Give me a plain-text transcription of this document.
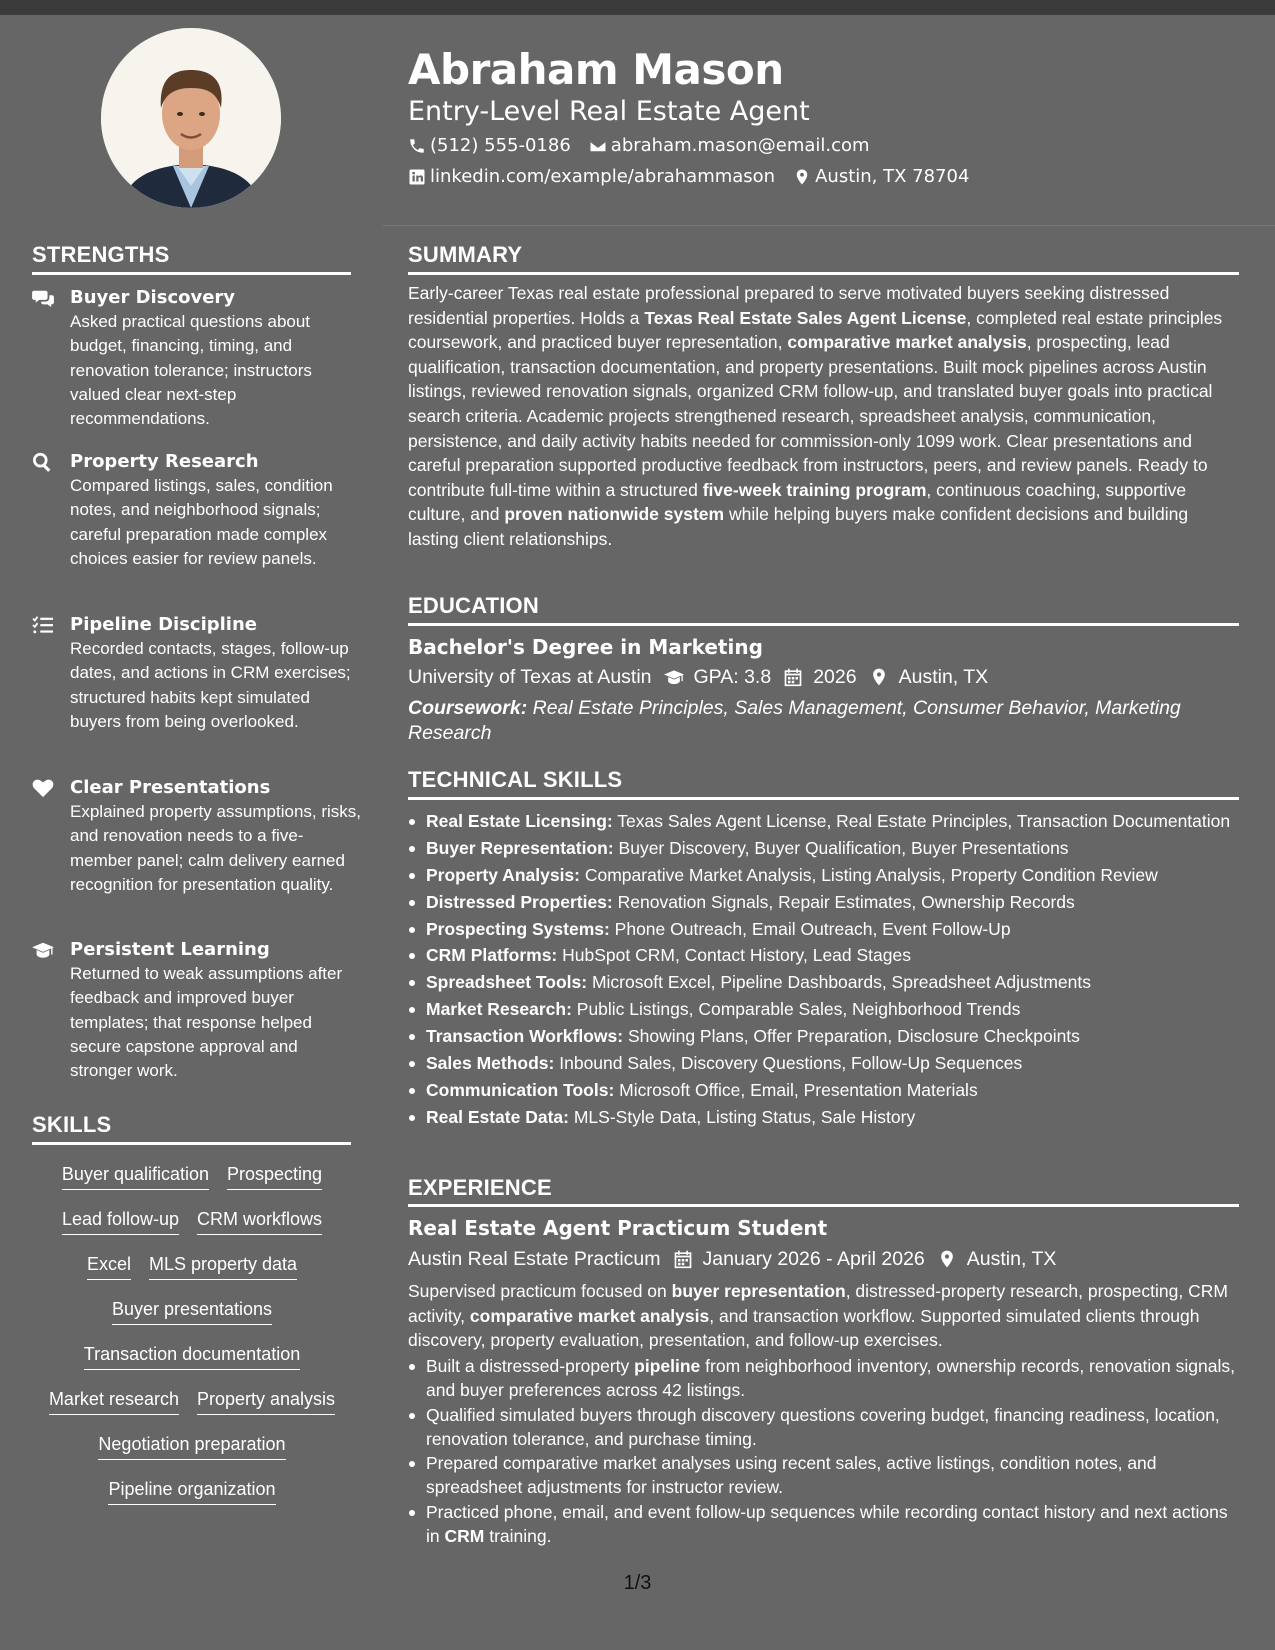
Abraham Mason
Entry-Level Real Estate Agent
(512) 555-0186 abraham.mason@email.com
linkedin.com/example/abrahammason Austin, TX 78704
STRENGTHS
Buyer Discovery
Asked practical questions about budget, financing, timing, and renovation tolerance; instructors valued clear next-step recommendations.
Property Research
Compared listings, sales, condition notes, and neighborhood signals; careful preparation made complex choices easier for review panels.
Pipeline Discipline
Recorded contacts, stages, follow-up dates, and actions in CRM exercises; structured habits kept simulated buyers from being overlooked.
Clear Presentations
Explained property assumptions, risks, and renovation needs to a five-member panel; calm delivery earned recognition for presentation quality.
Persistent Learning
Returned to weak assumptions after feedback and improved buyer templates; that response helped secure capstone approval and stronger work.
SKILLS
Buyer qualification Prospecting
Lead follow-up CRM workflows
Excel MLS property data
Buyer presentations
Transaction documentation
Market research Property analysis
Negotiation preparation
Pipeline organization
SUMMARY
Early-career Texas real estate professional prepared to serve motivated buyers seeking distressed residential properties. Holds a Texas Real Estate Sales Agent License, completed real estate principles coursework, and practiced buyer representation, comparative market analysis, prospecting, lead qualification, transaction documentation, and property presentations. Built mock pipelines across Austin listings, reviewed renovation signals, organized CRM follow-up, and translated buyer goals into practical search criteria. Academic projects strengthened research, spreadsheet analysis, communication, persistence, and daily activity habits needed for commission-only 1099 work. Clear presentations and careful preparation supported productive feedback from instructors, peers, and review panels. Ready to contribute full-time within a structured five-week training program, continuous coaching, supportive culture, and proven nationwide system while helping buyers make confident decisions and building lasting client relationships.
EDUCATION
Bachelor's Degree in Marketing
University of Texas at Austin GPA: 3.8 2026 Austin, TX
Coursework: Real Estate Principles, Sales Management, Consumer Behavior, Marketing Research
TECHNICAL SKILLS
Real Estate Licensing: Texas Sales Agent License, Real Estate Principles, Transaction Documentation
Buyer Representation: Buyer Discovery, Buyer Qualification, Buyer Presentations
Property Analysis: Comparative Market Analysis, Listing Analysis, Property Condition Review
Distressed Properties: Renovation Signals, Repair Estimates, Ownership Records
Prospecting Systems: Phone Outreach, Email Outreach, Event Follow-Up
CRM Platforms: HubSpot CRM, Contact History, Lead Stages
Spreadsheet Tools: Microsoft Excel, Pipeline Dashboards, Spreadsheet Adjustments
Market Research: Public Listings, Comparable Sales, Neighborhood Trends
Transaction Workflows: Showing Plans, Offer Preparation, Disclosure Checkpoints
Sales Methods: Inbound Sales, Discovery Questions, Follow-Up Sequences
Communication Tools: Microsoft Office, Email, Presentation Materials
Real Estate Data: MLS-Style Data, Listing Status, Sale History
EXPERIENCE
Real Estate Agent Practicum Student
Austin Real Estate Practicum January 2026 - April 2026 Austin, TX
Supervised practicum focused on buyer representation, distressed-property research, prospecting, CRM activity, comparative market analysis, and transaction workflow. Supported simulated clients through discovery, property evaluation, presentation, and follow-up exercises.
Built a distressed-property pipeline from neighborhood inventory, ownership records, renovation signals, and buyer preferences across 42 listings.
Qualified simulated buyers through discovery questions covering budget, financing readiness, location, renovation tolerance, and purchase timing.
Prepared comparative market analyses using recent sales, active listings, condition notes, and spreadsheet adjustments for instructor review.
Practiced phone, email, and event follow-up sequences while recording contact history and next actions in CRM training.
1/3
